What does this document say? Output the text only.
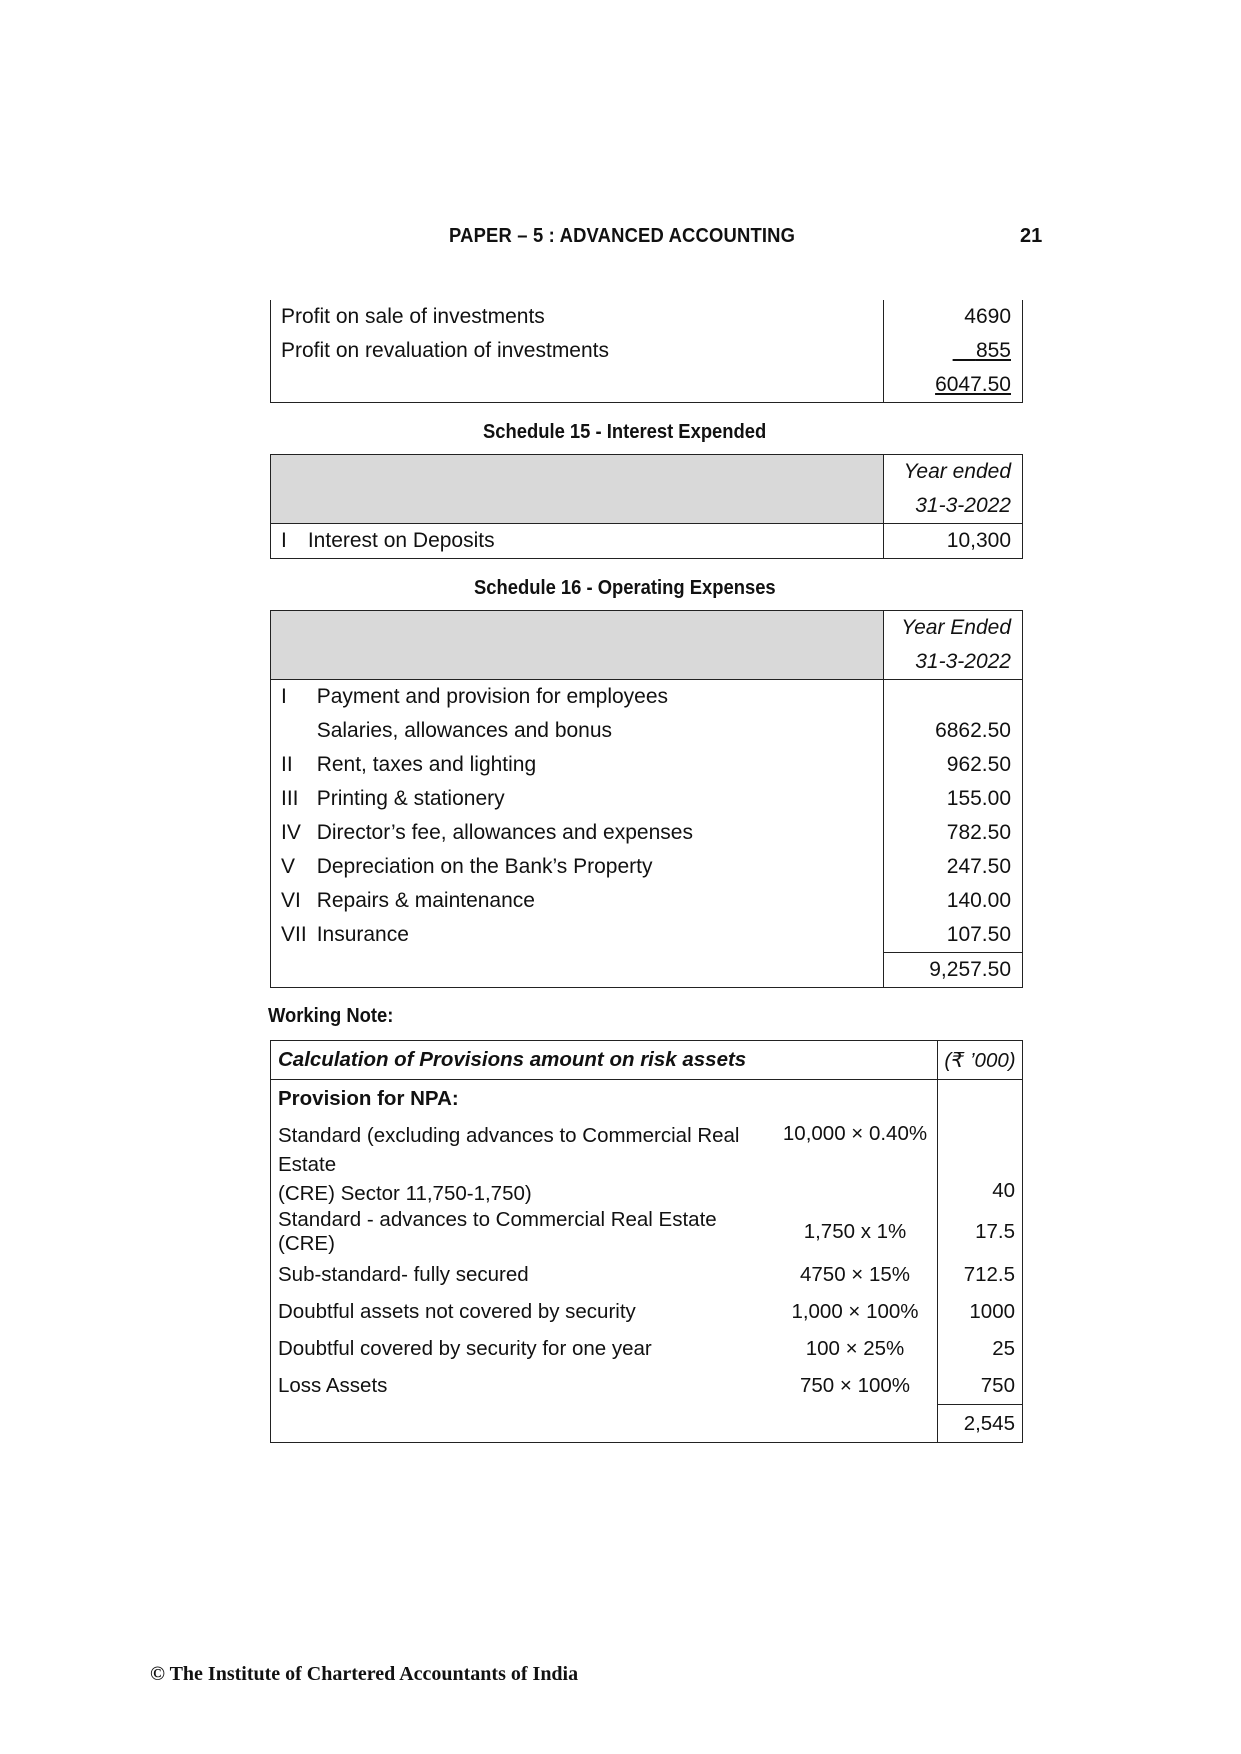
PAPER – 5 : ADVANCED ACCOUNTING	21
Profit on sale of investments	4690
Profit on revaluation of investments	855
	6047.50
Schedule 15 - Interest Expended
	Year ended
	31-3-2022
I Interest on Deposits	10,300
Schedule 16 - Operating Expenses
		Year Ended
		31-3-2022
I	Payment and provision for employees	
	Salaries, allowances and bonus	6862.50
II	Rent, taxes and lighting	962.50
III	Printing & stationery	155.00
IV	Director’s fee, allowances and expenses	782.50
V	Depreciation on the Bank’s Property	247.50
VI	Repairs & maintenance	140.00
VII	Insurance	107.50
		9,257.50
Working Note:
Calculation of Provisions amount on risk assets		(₹ ’000)
Provision for NPA:		

Standard (excluding advances to Commercial Real Estate
(CRE) Sector 11,750-1,750)	10,000 × 0.40%	40
Standard - advances to Commercial Real Estate (CRE)	1,750 x 1%	17.5
Sub-standard- fully secured	4750 × 15%	712.5
Doubtful assets not covered by security	1,000 × 100%	1000
Doubtful covered by security for one year	100 × 25%	25
Loss Assets	750 × 100%	750
		2,545
© The Institute of Chartered Accountants of India
